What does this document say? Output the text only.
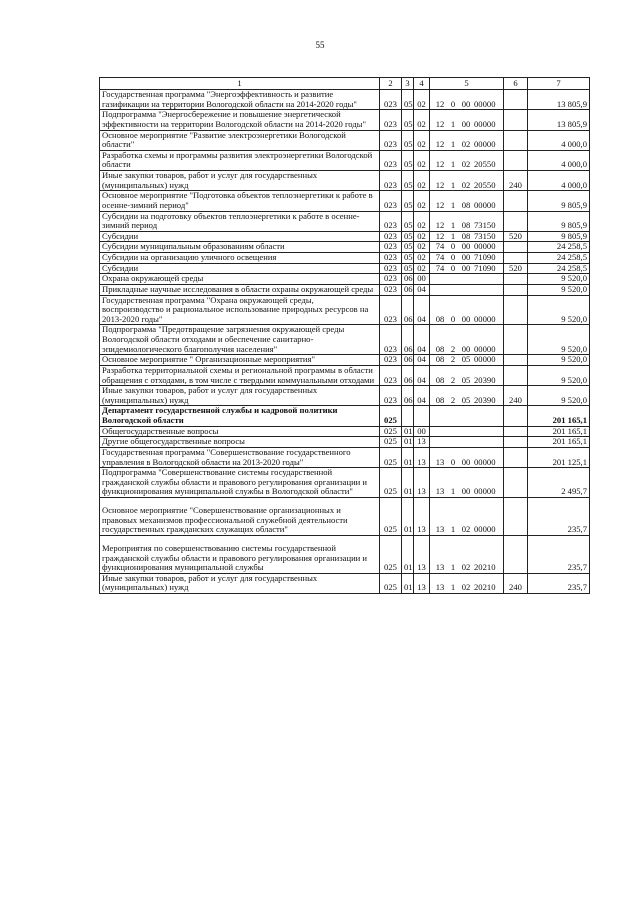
55
1	2	3	4	5	6	7
Государственная программа "Энергоэффективность и развитие газификации на территории Вологодской области на 2014-2020 годы"	023	05	02	12 0 00 00000		13 805,9
Подпрограмма "Энергосбережение и повышение энергетической эффективности на территории Вологодской области на 2014-2020 годы"	023	05	02	12 1 00 00000		13 805,9
Основное мероприятие "Развитие электроэнергетики Вологодской области"	023	05	02	12 1 02 00000		4 000,0
Разработка схемы и программы развития электроэнергетики Вологодской области	023	05	02	12 1 02 20550		4 000,0
Иные закупки товаров, работ и услуг для государственных (муниципальных) нужд	023	05	02	12 1 02 20550	240	4 000,0
Основное мероприятие "Подготовка объектов теплоэнергетики к работе в осенне-зимний период"	023	05	02	12 1 08 00000		9 805,9
Субсидии на подготовку объектов теплоэнергетики к работе в осенне-зимний период	023	05	02	12 1 08 73150		9 805,9
Субсидии	023	05	02	12 1 08 73150	520	9 805,9
Субсидии муниципальным образованиям области	023	05	02	74 0 00 00000		24 258,5
Субсидии на организацию уличного освещения	023	05	02	74 0 00 71090		24 258,5
Субсидии	023	05	02	74 0 00 71090	520	24 258,5
Охрана окружающей среды	023	06	00			9 520,0
Прикладные научные исследования в области охраны окружающей среды	023	06	04			9 520,0
Государственная программа "Охрана окружающей среды, воспроизводство и рациональное использование природных ресурсов на 2013-2020 годы"	023	06	04	08 0 00 00000		9 520,0
Подпрограмма "Предотвращение загрязнения окружающей среды Вологодской области отходами и обеспечение санитарно-эпидемиологического благополучия населения"	023	06	04	08 2 00 00000		9 520,0
Основное мероприятие " Организационные мероприятия"	023	06	04	08 2 05 00000		9 520,0
Разработка территориальной схемы и региональной программы в области обращения с отходами, в том числе с твердыми коммунальными отходами	023	06	04	08 2 05 20390		9 520,0
Иные закупки товаров, работ и услуг для государственных (муниципальных) нужд	023	06	04	08 2 05 20390	240	9 520,0
Департамент государственной службы и кадровой политики Вологодской области	025					201 165,1
Общегосударственные вопросы	025	01	00			201 165,1
Другие общегосударственные вопросы	025	01	13			201 165,1
Государственная программа "Совершенствование государственного управления в Вологодской области на 2013-2020 годы"	025	01	13	13 0 00 00000		201 125,1
Подпрограмма "Совершенствование системы государственной гражданской службы области и правового регулирования организации и функционирования муниципальной службы в Вологодской области"	025	01	13	13 1 00 00000		2 495,7
Основное мероприятие "Совершенствование организационных и правовых механизмов профессиональной служебной деятельности государственных гражданских служащих области"	025	01	13	13 1 02 00000		235,7
Мероприятия по совершенствованию системы государственной гражданской службы области и правового регулирования организации и функционирования муниципальной службы	025	01	13	13 1 02 20210		235,7
Иные закупки товаров, работ и услуг для государственных (муниципальных) нужд	025	01	13	13 1 02 20210	240	235,7
